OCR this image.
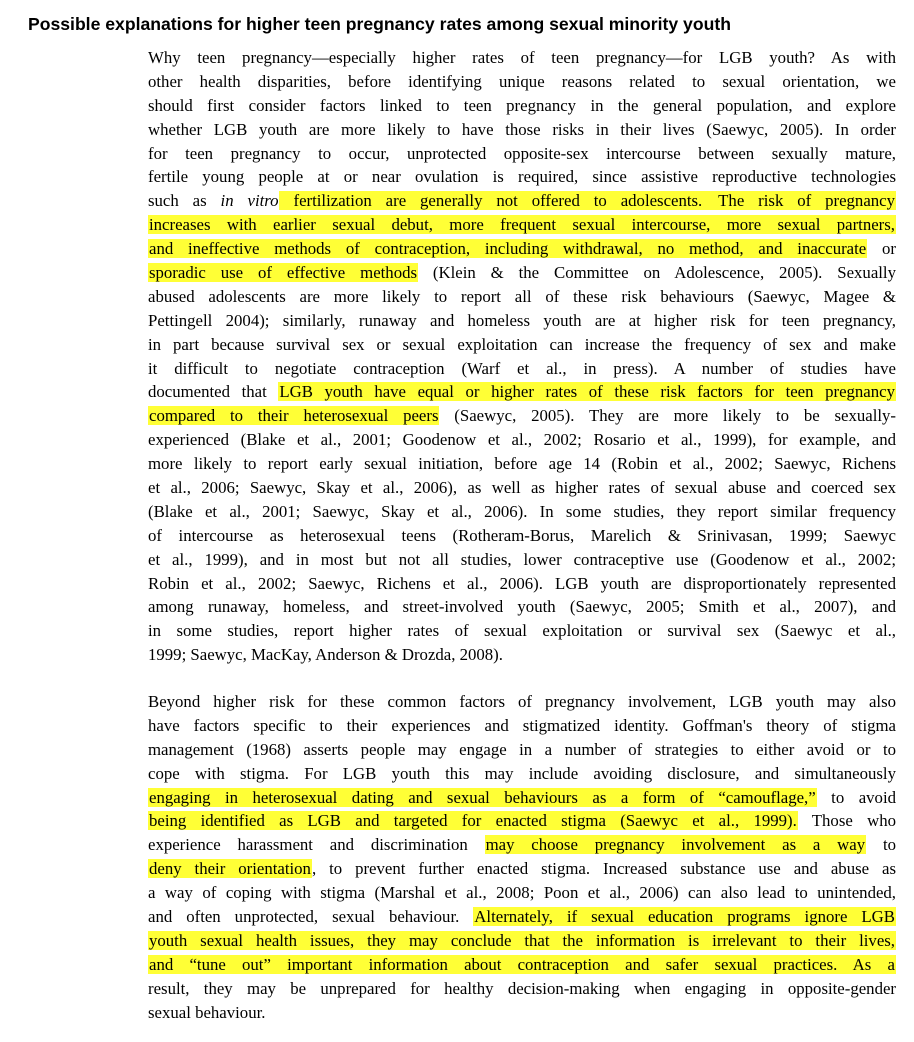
Possible explanations for higher teen pregnancy rates among sexual minority youth
Why teen pregnancy—especially higher rates of teen pregnancy—for LGB youth? As with
other health disparities, before identifying unique reasons related to sexual orientation, we
should first consider factors linked to teen pregnancy in the general population, and explore
whether LGB youth are more likely to have those risks in their lives (Saewyc, 2005). In order
for teen pregnancy to occur, unprotected opposite-sex intercourse between sexually mature,
fertile young people at or near ovulation is required, since assistive reproductive technologies
such as in vitro fertilization are generally not offered to adolescents. The risk of pregnancy
increases with earlier sexual debut, more frequent sexual intercourse, more sexual partners,
and ineffective methods of contraception, including withdrawal, no method, and inaccurate or
sporadic use of effective methods (Klein & the Committee on Adolescence, 2005). Sexually
abused adolescents are more likely to report all of these risk behaviours (Saewyc, Magee &
Pettingell 2004); similarly, runaway and homeless youth are at higher risk for teen pregnancy,
in part because survival sex or sexual exploitation can increase the frequency of sex and make
it difficult to negotiate contraception (Warf et al., in press). A number of studies have
documented that LGB youth have equal or higher rates of these risk factors for teen pregnancy
compared to their heterosexual peers (Saewyc, 2005). They are more likely to be sexually-
experienced (Blake et al., 2001; Goodenow et al., 2002; Rosario et al., 1999), for example, and
more likely to report early sexual initiation, before age 14 (Robin et al., 2002; Saewyc, Richens
et al., 2006; Saewyc, Skay et al., 2006), as well as higher rates of sexual abuse and coerced sex
(Blake et al., 2001; Saewyc, Skay et al., 2006). In some studies, they report similar frequency
of intercourse as heterosexual teens (Rotheram-Borus, Marelich & Srinivasan, 1999; Saewyc
et al., 1999), and in most but not all studies, lower contraceptive use (Goodenow et al., 2002;
Robin et al., 2002; Saewyc, Richens et al., 2006). LGB youth are disproportionately represented
among runaway, homeless, and street-involved youth (Saewyc, 2005; Smith et al., 2007), and
in some studies, report higher rates of sexual exploitation or survival sex (Saewyc et al.,
1999; Saewyc, MacKay, Anderson & Drozda, 2008).
Beyond higher risk for these common factors of pregnancy involvement, LGB youth may also
have factors specific to their experiences and stigmatized identity. Goffman's theory of stigma
management (1968) asserts people may engage in a number of strategies to either avoid or to
cope with stigma. For LGB youth this may include avoiding disclosure, and simultaneously
engaging in heterosexual dating and sexual behaviours as a form of “camouflage,” to avoid
being identified as LGB and targeted for enacted stigma (Saewyc et al., 1999). Those who
experience harassment and discrimination may choose pregnancy involvement as a way to
deny their orientation, to prevent further enacted stigma. Increased substance use and abuse as
a way of coping with stigma (Marshal et al., 2008; Poon et al., 2006) can also lead to unintended,
and often unprotected, sexual behaviour. Alternately, if sexual education programs ignore LGB
youth sexual health issues, they may conclude that the information is irrelevant to their lives,
and “tune out” important information about contraception and safer sexual practices. As a
result, they may be unprepared for healthy decision-making when engaging in opposite-gender
sexual behaviour.
